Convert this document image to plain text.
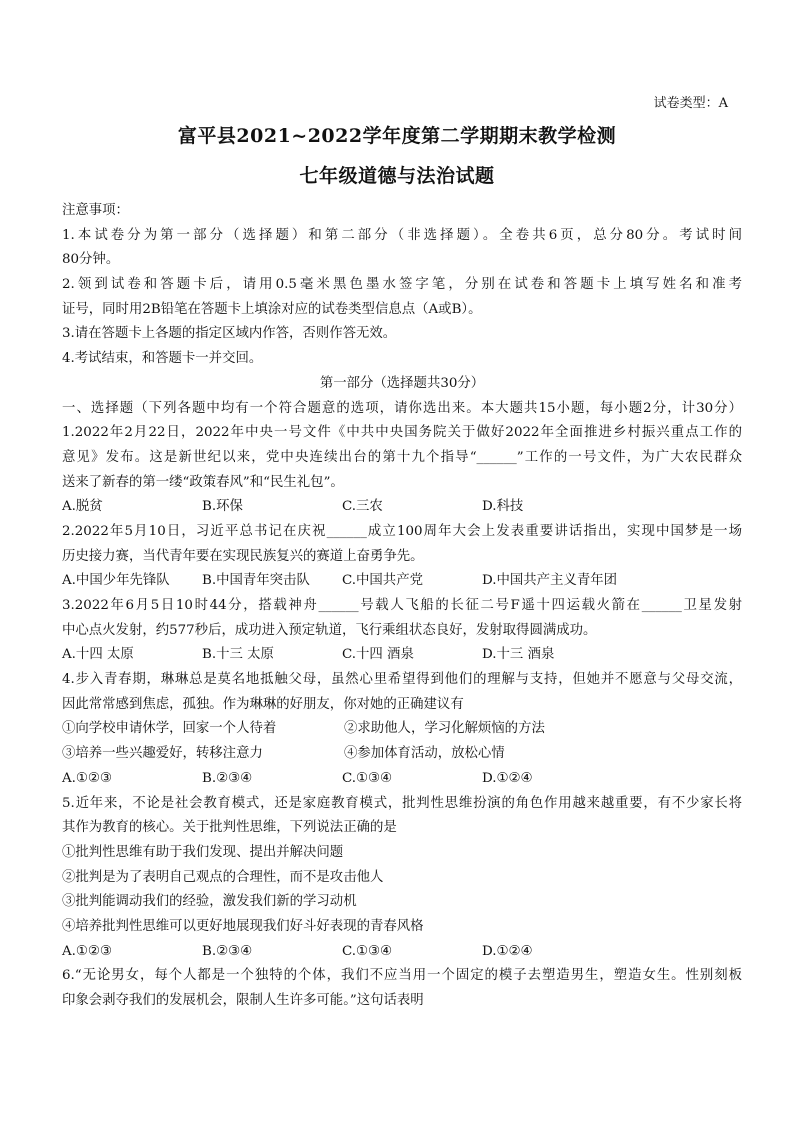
试卷类型：A
富平县2021~2022学年度第二学期期末教学检测
七年级道德与法治试题
注意事项：
1.本试卷分为第一部分（选择题）和第二部分（非选择题）。全卷共6页，总分80分。考试时间
80分钟。
2.领到试卷和答题卡后，请用0.5毫米黑色墨水签字笔，分别在试卷和答题卡上填写姓名和准考
证号，同时用2B铅笔在答题卡上填涂对应的试卷类型信息点（A或B）。
3.请在答题卡上各题的指定区域内作答，否则作答无效。
4.考试结束，和答题卡一并交回。
第一部分（选择题共30分）
一、选择题（下列各题中均有一个符合题意的选项，请你选出来。本大题共15小题，每小题2分，计30分）
1.2022年2月22日，2022年中央一号文件《中共中央国务院关于做好2022年全面推进乡村振兴重点工作的
意见》发布。这是新世纪以来，党中央连续出台的第十九个指导“______”工作的一号文件，为广大农民群众
送来了新春的第一缕“政策春风”和“民生礼包”。
A.脱贫	B.环保	C.三农	D.科技
2.2022年5月10日，习近平总书记在庆祝______成立100周年大会上发表重要讲话指出，实现中国梦是一场
历史接力赛，当代青年要在实现民族复兴的赛道上奋勇争先。
A.中国少年先锋队	B.中国青年突击队	C.中国共产党	D.中国共产主义青年团
3.2022年6月5日10时44分，搭载神舟______号载人飞船的长征二号F遥十四运载火箭在______卫星发射
中心点火发射，约577秒后，成功进入预定轨道，飞行乘组状态良好，发射取得圆满成功。
A.十四 太原	B.十三 太原	C.十四 酒泉	D.十三 酒泉
4.步入青春期，琳琳总是莫名地抵触父母，虽然心里希望得到他们的理解与支持，但她并不愿意与父母交流，
因此常常感到焦虑，孤独。作为琳琳的好朋友，你对她的正确建议有
①向学校申请休学，回家一个人待着	②求助他人，学习化解烦恼的方法
③培养一些兴趣爱好，转移注意力	④参加体育活动，放松心情
A.①②③	B.②③④	C.①③④	D.①②④
5.近年来，不论是社会教育模式，还是家庭教育模式，批判性思维扮演的角色作用越来越重要，有不少家长将
其作为教育的核心。关于批判性思维，下列说法正确的是
①批判性思维有助于我们发现、提出并解决问题
②批判是为了表明自己观点的合理性，而不是攻击他人
③批判能调动我们的经验，激发我们新的学习动机
④培养批判性思维可以更好地展现我们好斗好表现的青春风格
A.①②③	B.②③④	C.①③④	D.①②④
6.“无论男女，每个人都是一个独特的个体，我们不应当用一个固定的模子去塑造男生，塑造女生。性别刻板
印象会剥夺我们的发展机会，限制人生许多可能。”这句话表明
